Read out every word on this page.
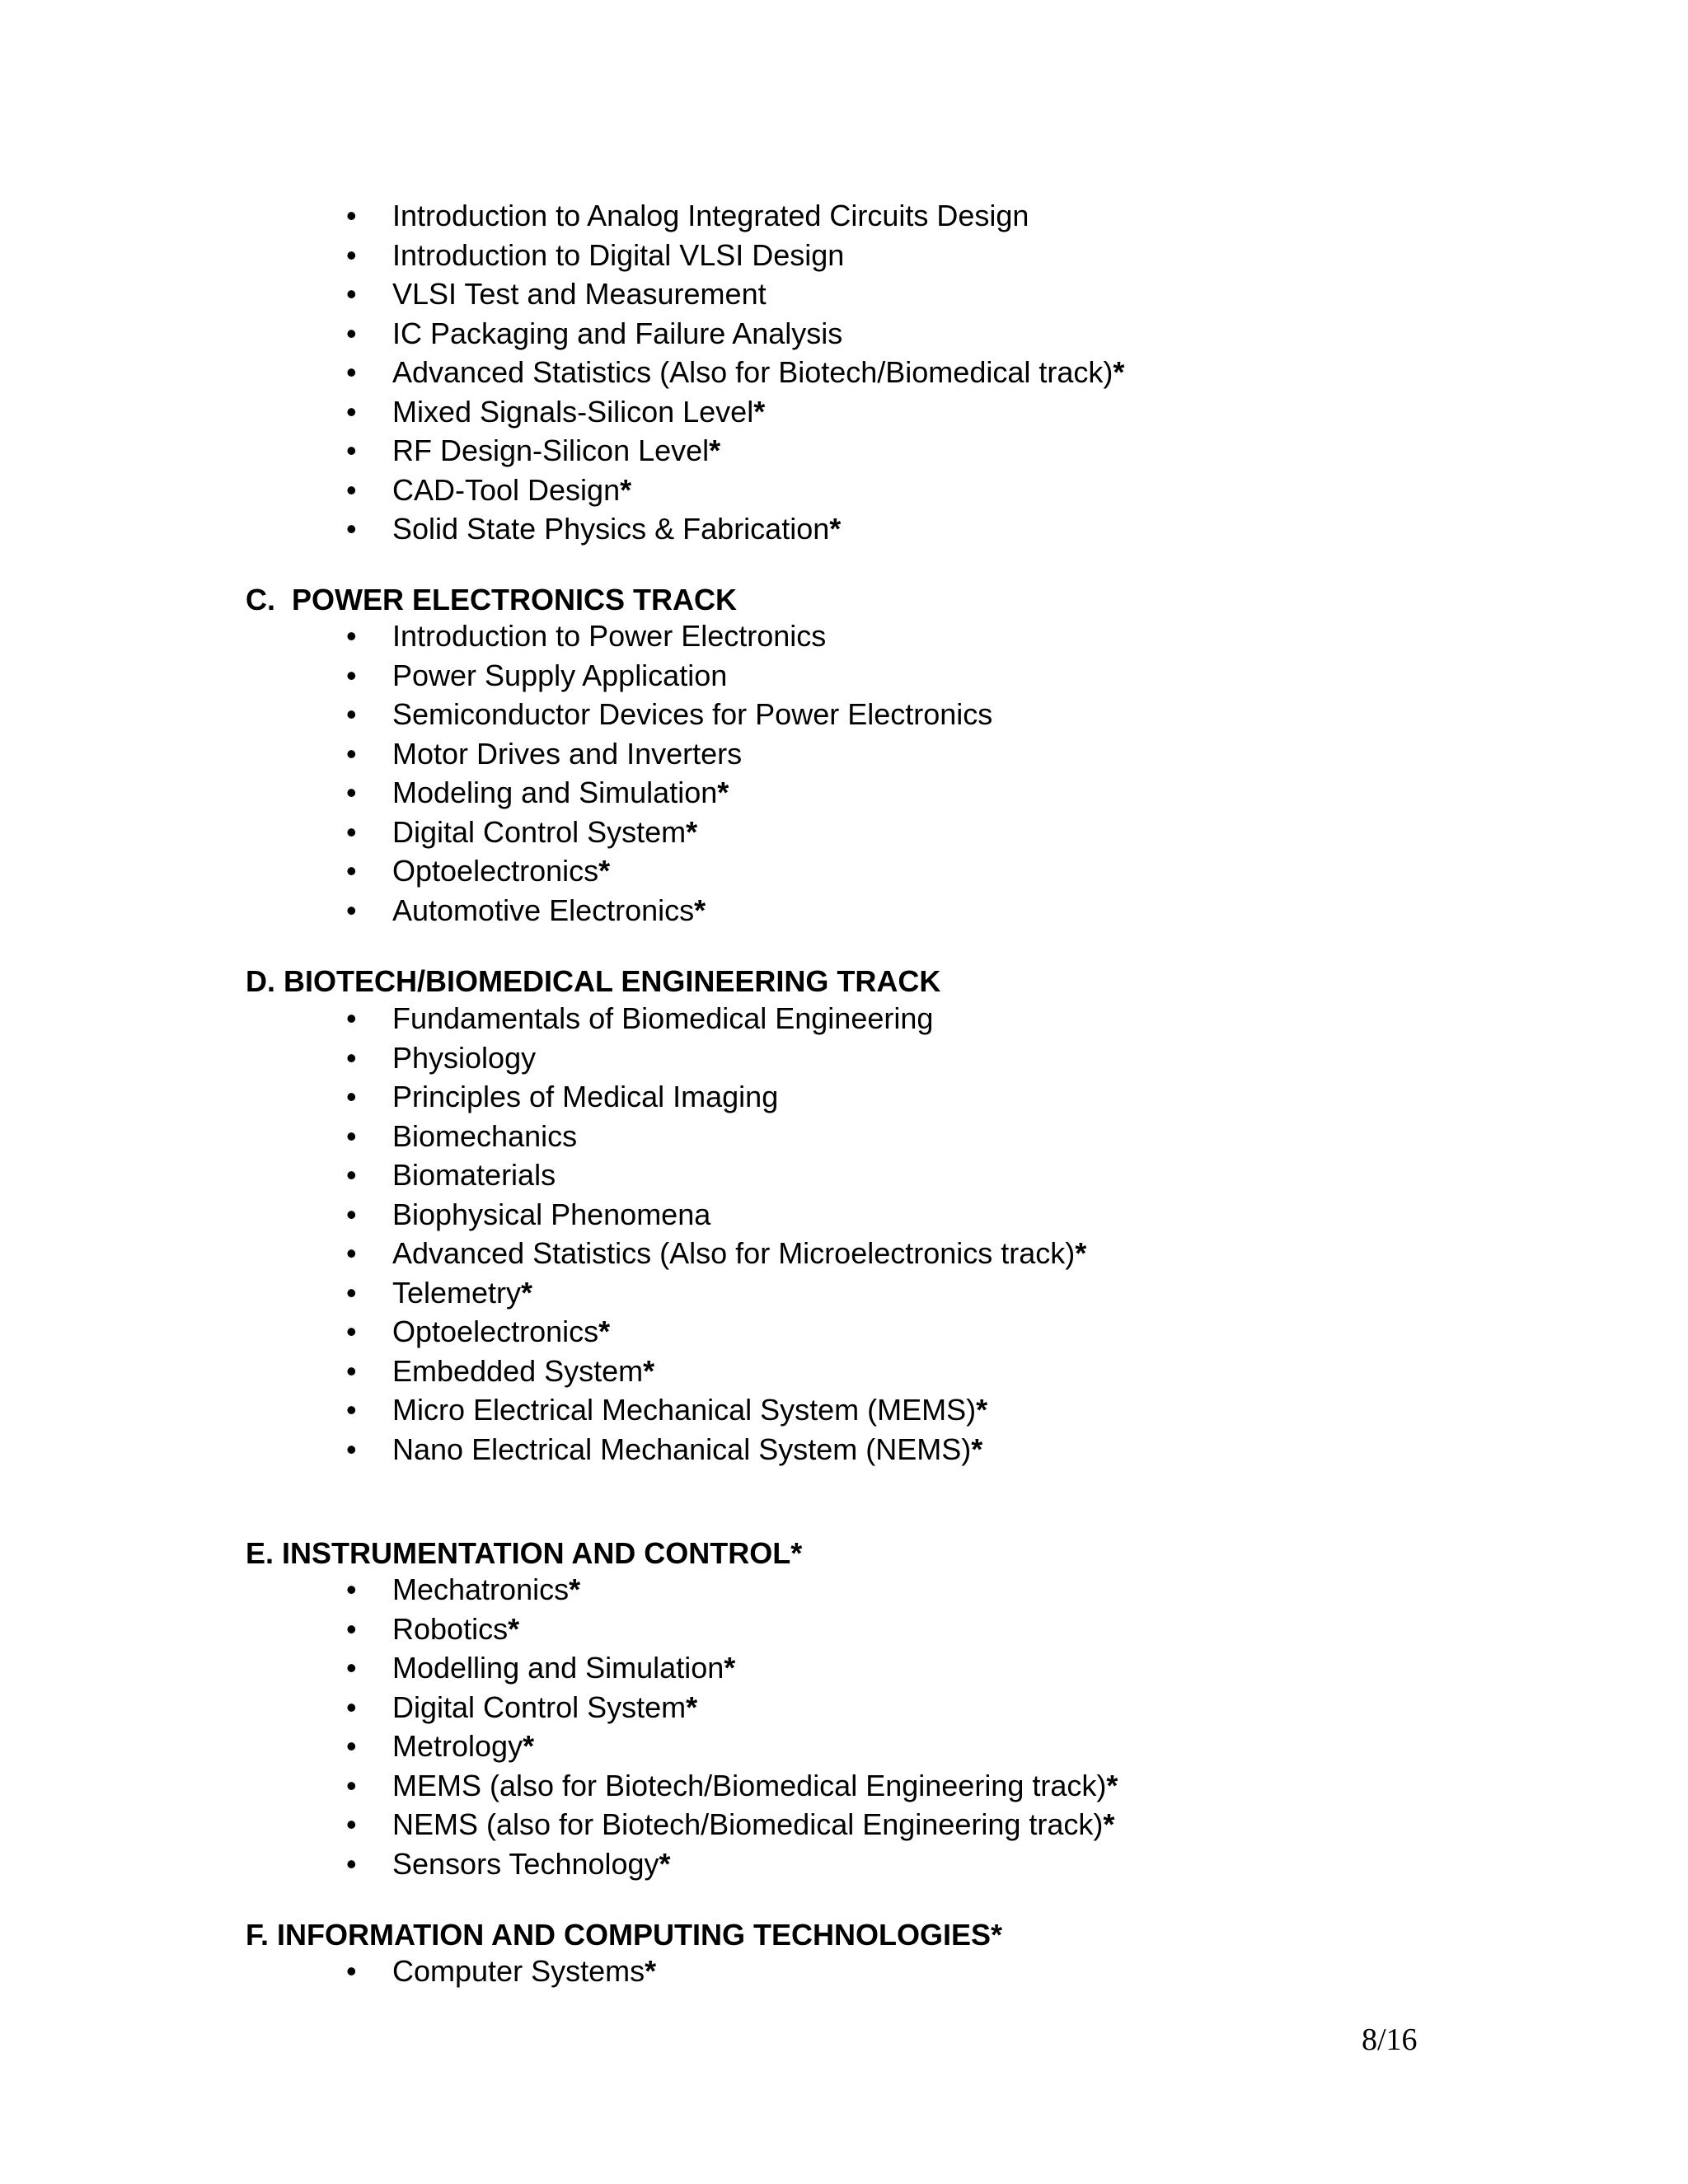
• Introduction to Analog Integrated Circuits Design
• Introduction to Digital VLSI Design
• VLSI Test and Measurement
• IC Packaging and Failure Analysis
• Advanced Statistics (Also for Biotech/Biomedical track)*
• Mixed Signals-Silicon Level*
• RF Design-Silicon Level*
• CAD-Tool Design*
• Solid State Physics & Fabrication*
C. POWER ELECTRONICS TRACK
• Introduction to Power Electronics
• Power Supply Application
• Semiconductor Devices for Power Electronics
• Motor Drives and Inverters
• Modeling and Simulation*
• Digital Control System*
• Optoelectronics*
• Automotive Electronics*
D. BIOTECH/BIOMEDICAL ENGINEERING TRACK
• Fundamentals of Biomedical Engineering
• Physiology
• Principles of Medical Imaging
• Biomechanics
• Biomaterials
• Biophysical Phenomena
• Advanced Statistics (Also for Microelectronics track)*
• Telemetry*
• Optoelectronics*
• Embedded System*
• Micro Electrical Mechanical System (MEMS)*
• Nano Electrical Mechanical System (NEMS)*
E. INSTRUMENTATION AND CONTROL*
• Mechatronics*
• Robotics*
• Modelling and Simulation*
• Digital Control System*
• Metrology*
• MEMS (also for Biotech/Biomedical Engineering track)*
• NEMS (also for Biotech/Biomedical Engineering track)*
• Sensors Technology*
F. INFORMATION AND COMPUTING TECHNOLOGIES*
• Computer Systems*
8/16
